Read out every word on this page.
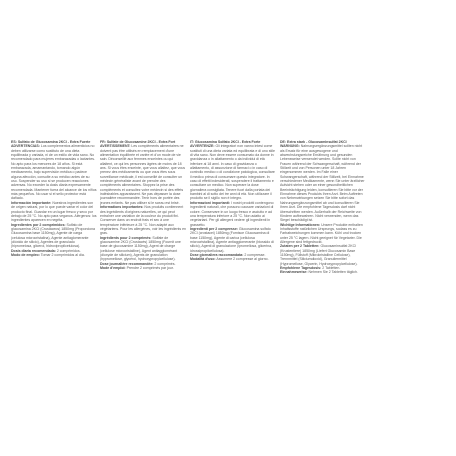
ES: Sulfato de Glucosamina 2KCl - Extra Fuerte ADVERTENCIAS: Los complementos alimenticios no deben utilizarse como sustituto de una dieta equilibrada y variada, ni de un estilo de vida sano. No recomendado para mujeres embarazadas o lactantes. No apto para los menores de 18 años. Si está embarazada, amamantando, tomando algún medicamento, bajo supervisión médica o padece alguna afección, consulte a su médico antes de su uso. Suspender su uso si se producen reacciones adversas. No exceder la dosis diaria expresamente recomendada. Mantener fuera del alcance de los niños más pequeños. No usar si el sello protector está dañado.

Información importante: Nuestros ingredientes son de origen natural, por lo que puede variar el color del producto final. Guardar en un lugar fresco y seco por debajo de 25 °C. No apto para veganos. Alérgenos: los ingredientes aparecen en negrita.

Ingredientes por 2 comprimidos: Sulfato de glucosamina 2KCl (Crustáceos) 1850mg (Proporciona Glucosamina base 1150mg), Agente de carga (celulosa microcristalina), Agente antiaglomerante (dióxido de silicio), Agentes de granulado (hipromelosa, glicerol, hidroxipropilcelulosa).

Dosis diaria recomendada: 2 comprimidos.

Modo de empleo: Tomar 2 comprimidos al día.

FR: Sulfate de Glucosamine 2KCl - Extra Fort AVERTISSEMENT: Les compléments alimentaires ne doivent pas être utilisés en remplacement d'une alimentation équilibrée et variée et d'un mode de vie sain. Déconseillé aux femmes enceintes ou qui allaitent, ce qui les personnes âgées de moins de 18 ans. Si vous êtes enceinte, que vous allaitez, que vous prenez des médicaments ou que vous êtes sous surveillance médicale, il est conseillé de consulter un médecin généraliste avant de prendre des compléments alimentaires. Stoppez la prise des compléments et consultez votre médecin si des effets indésirables apparaissent. Ne pas dépasser la dose journalière recommandée. Tenir hors de portée des jeunes enfants. Ne pas utiliser si le sceau est brisé.

Informations importantes: Nos produits contiennent des ingrédients d'origines naturelles, ce qui peut entraîner une variation de la couleur du produit fini. Conserver dans un endroit frais et sec à une température inférieure à 25 °C. Non adapté aux végétariens. Pour les allergènes, voir les ingrédients en gras.

Ingrédients pour 2 comprimés: Sulfate de glucosamine 2KCl (Crustacés) 1850mg (Fournit une base de glucosamine 1150mg), Agent de charge (cellulose microcristalline), Agent antiagglomérant (dioxyde de silicium), Agents de granulation (hypromellose, glycérol, hydroxypropylcellulose).

Dose journalière recommandée: 2 comprimés.

Mode d'emploi: Prendre 2 comprimés par jour.

IT: Glucosamina Solfato 2KCl - Extra Forte AVVERTENZE: Gli integratori non vanno intesi come sostituti di una dieta variata ed equilibrata e di uno stile di vita sano. Non deve essere consumato da donne in gravidanza o in allattamento o da individui di età inferiore ai 18 anni. In caso di gravidanza o allattamento, di assunzione di farmaci o in caso di controllo medico o di condizione patologica, consultare il medico prima di consumare questo integratore. In caso di effetti indesiderati, sospendere il trattamento e consultare un medico. Non superare la dose giornaliera consigliata. Tenere fuori dalla portata dei bambini al di sotto dei tre anni di età. Non utilizzare il prodotto se il sigillo non è integro.

Informazioni importanti: I nostri prodotti contengono ingredienti naturali, che possono causare variazioni di colore. Conservare in un luogo fresco e asciutto e ad una temperatura inferiore a 25 °C. Non adatto ai vegetariani. Per gli allergeni vedere gli ingredienti in grassetto.

Ingredienti per 2 compresse: Glucosamina solfato 2KCl (crostacei) 1850mg (Fornisce Glucosamina di base 1150mg), Agente di carica (cellulosa microcristallina), Agente antiagglomerante (biossido di silicio), Agenti di granulazione (ipromellosa, glicerina, idrossipropilcellulosa).

Dose giornaliera raccomandata: 2 compresse.

Modalità d'uso: Assumere 2 compresse al giorno.

DE: Extra stark - Glucosaminsulfat 2KCl WARNUNG: Nahrungsergänzungsmittel sollten nicht als Ersatz für eine ausgewogene und abwechslungsreiche Ernährung und gesunden Lebensweise verwendet werden. Sollte nicht von Frauen während der Schwangerschaft, während der Stillzeit und von Personen unter 18 Jahren eingenommen werden. Im Falle einer Schwangerschaft, während der Stillzeit, bei Einnahme verschiedener Medikamente, wenn Sie unter ärztlicher Aufsicht stehen oder an einer gesundheitlichen Beeinträchtigung leiden, konsultieren Sie bitte vor der Einnahme dieses Produkts Ihren Arzt. Beim Auftreten von Nebenwirkungen setzen Sie bitte sofort das Nahrungsergänzungsmittel ab und konsultieren Sie Ihren Arzt. Die empfohlene Tagesdosis darf nicht überschritten werden. Außerhalb der Reichweite von Kindern aufbewahren. Nicht verwenden, wenn das Siegel beschädigt ist.

Wichtige Informationen: Unsere Produkte enthalten Inhaltsstoffe natürlichen Ursprungs, sodass es zu Farbabweichungen kommen kann. Kühl und trocken unter 25 °C lagern. Nicht geeignet für Vegetarier. Die Allergene sind fettgedruckt.

Zutaten per 2 Tabletten: Glucosaminsulfat 2KCl (Krustentiere) 1850mg (Liefert Glucosamin Base 1150mg), Füllstoff (Mikrokristalline Cellulose), Trennmittel (Siliciumdioxid), Granuliermittel (Hypromellose, Glycerin, Hydroxypropylcellulose).

Empfohlene Tagesdosis: 2 Tabletten.

Einnahmeweise: Nehmen Sie 2 Tabletten täglich.
